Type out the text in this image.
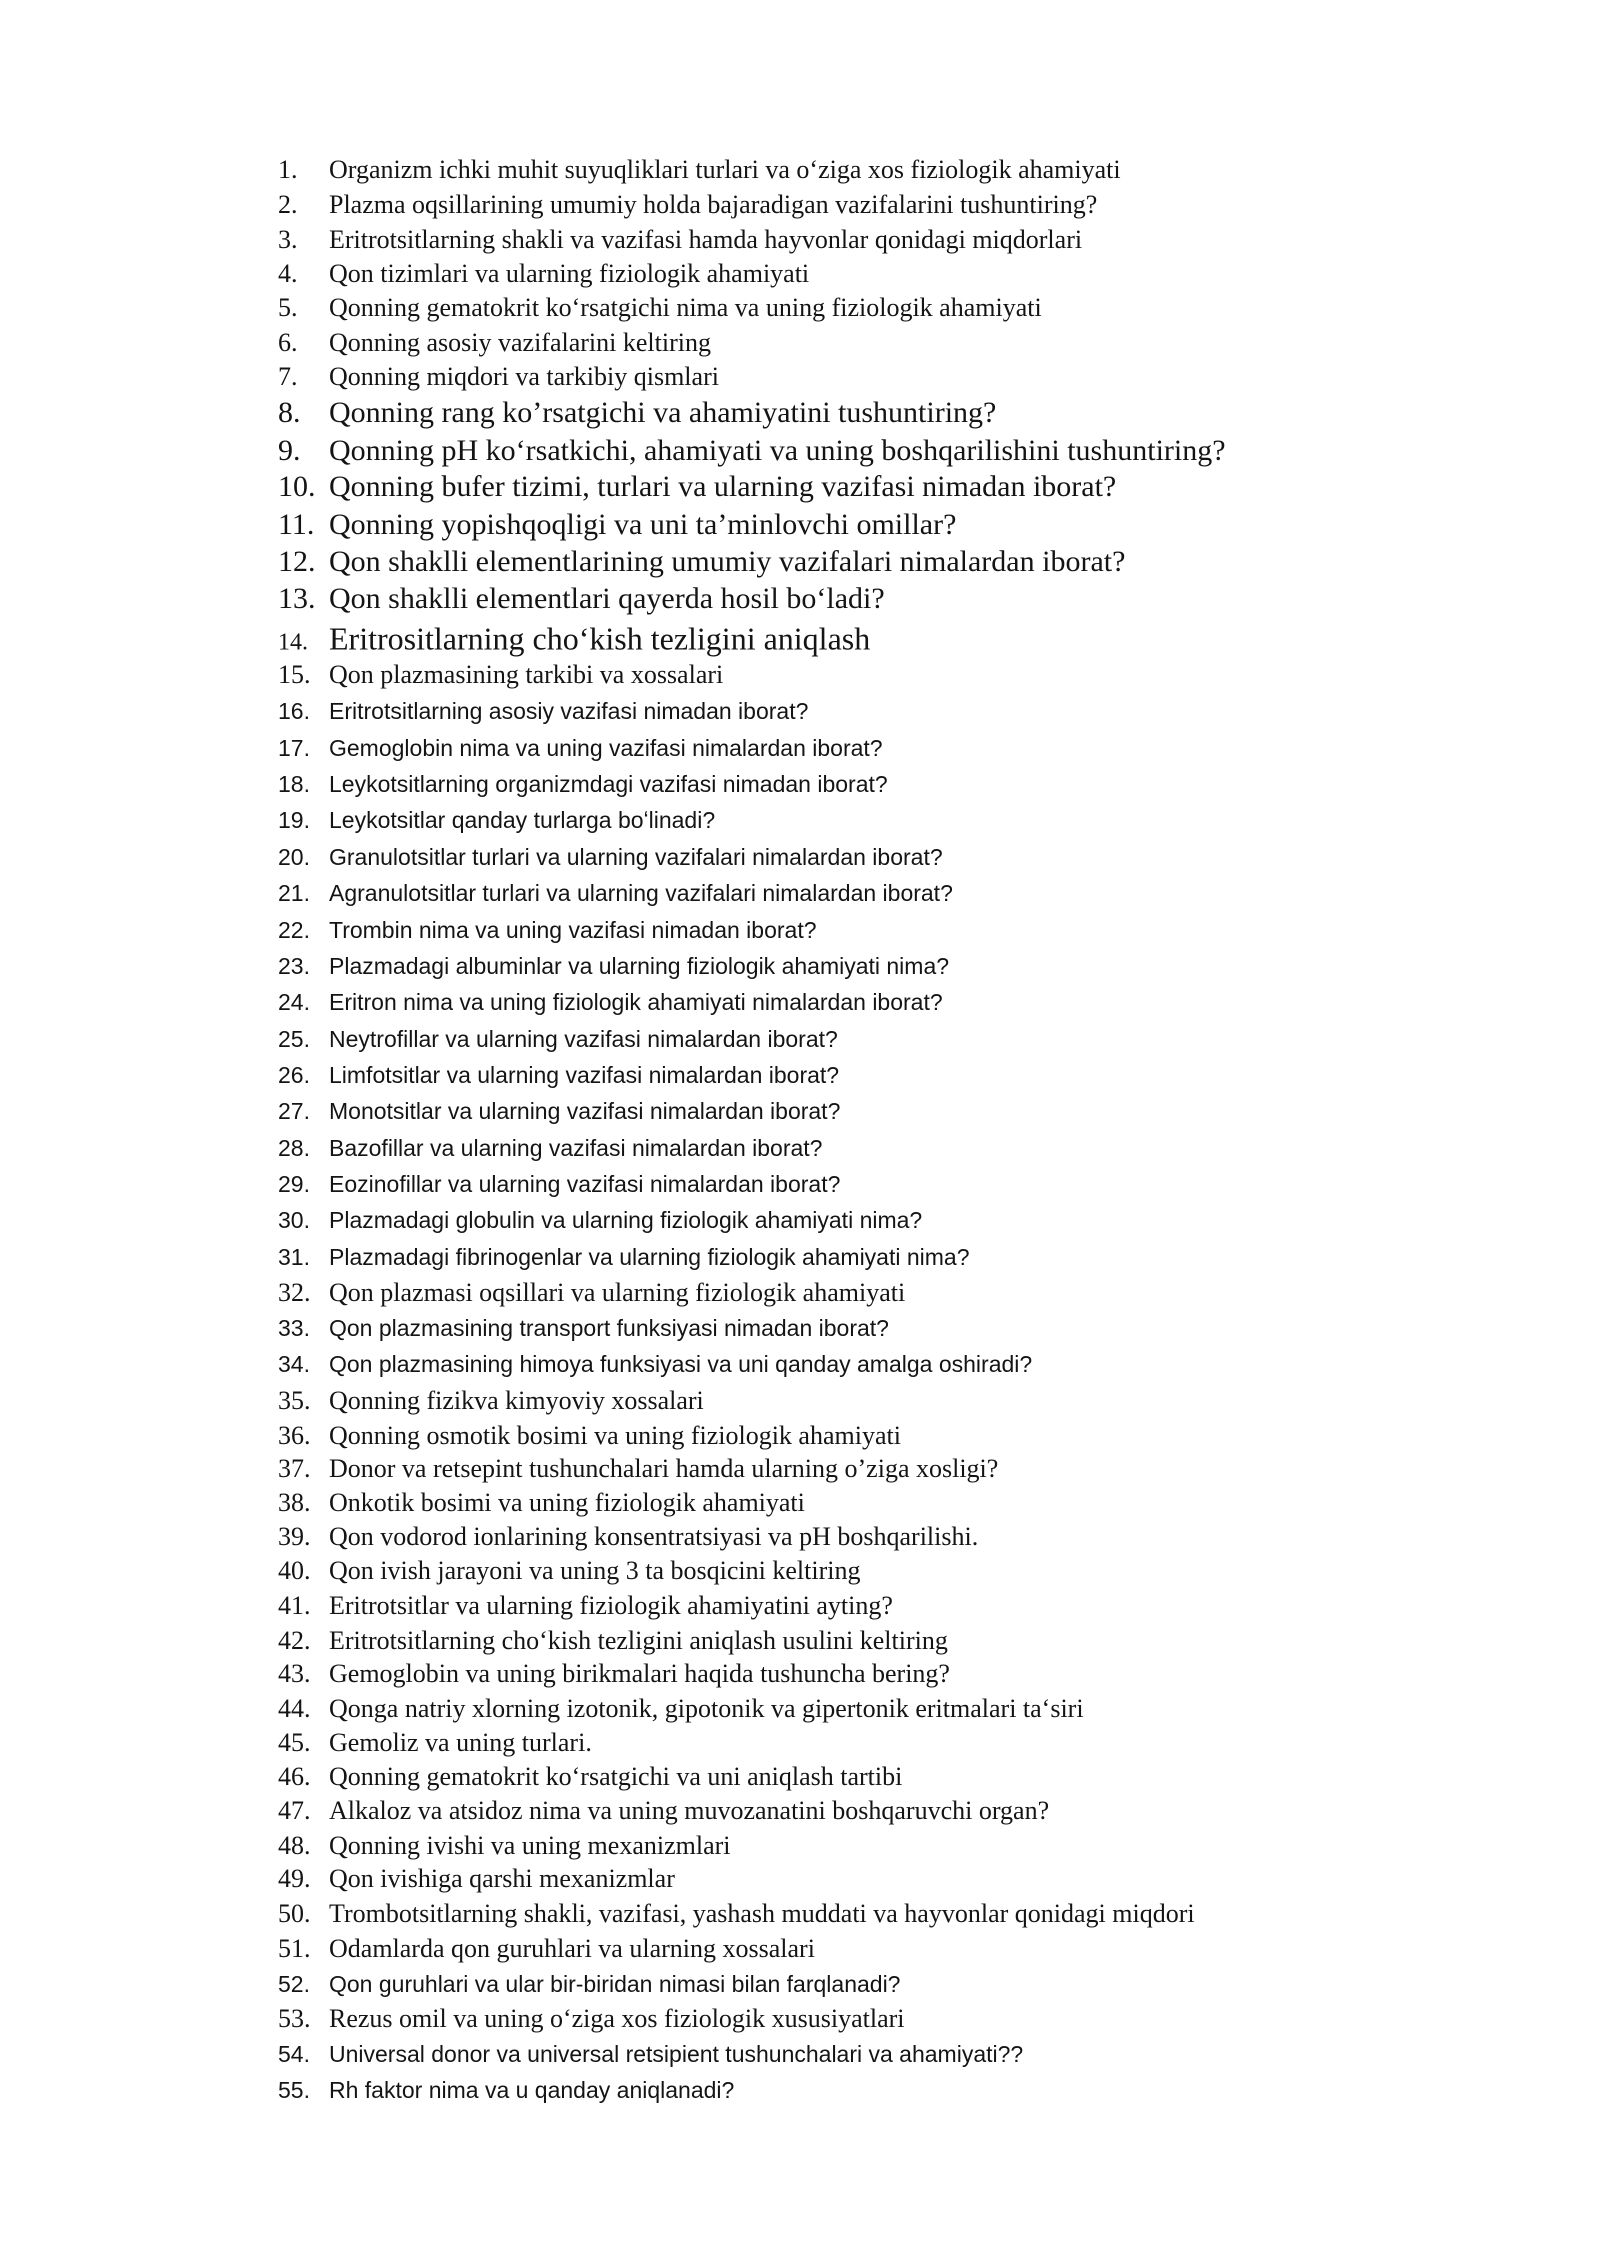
1. Organizm ichki muhit suyuqliklari turlari va oʻziga xos fiziologik ahamiyati
2. Plazma oqsillarining umumiy holda bajaradigan vazifalarini tushuntiring?
3. Eritrotsitlarning shakli va vazifasi hamda hayvonlar qonidagi miqdorlari
4. Qon tizimlari va ularning fiziologik ahamiyati
5. Qonning gematokrit koʻrsatgichi nima va uning fiziologik ahamiyati
6. Qonning asosiy vazifalarini keltiring
7. Qonning miqdori va tarkibiy qismlari
8. Qonning rang ko’rsatgichi va ahamiyatini tushuntiring?
9. Qonning pH koʻrsatkichi, ahamiyati va uning boshqarilishini tushuntiring?
10. Qonning bufer tizimi, turlari va ularning vazifasi nimadan iborat?
11. Qonning yopishqoqligi va uni ta’minlovchi omillar?
12. Qon shaklli elementlarining umumiy vazifalari nimalardan iborat?
13. Qon shaklli elementlari qayerda hosil boʻladi?
14. Eritrositlarning choʻkish tezligini aniqlash
15. Qon plazmasining tarkibi va xossalari
16. Eritrotsitlarning asosiy vazifasi nimadan iborat?
17. Gemoglobin nima va uning vazifasi nimalardan iborat?
18. Leykotsitlarning organizmdagi vazifasi nimadan iborat?
19. Leykotsitlar qanday turlarga boʻlinadi?
20. Granulotsitlar turlari va ularning vazifalari nimalardan iborat?
21. Agranulotsitlar turlari va ularning vazifalari nimalardan iborat?
22. Trombin nima va uning vazifasi nimadan iborat?
23. Plazmadagi albuminlar va ularning fiziologik ahamiyati nima?
24. Eritron nima va uning fiziologik ahamiyati nimalardan iborat?
25. Neytrofillar va ularning vazifasi nimalardan iborat?
26. Limfotsitlar va ularning vazifasi nimalardan iborat?
27. Monotsitlar va ularning vazifasi nimalardan iborat?
28. Bazofillar va ularning vazifasi nimalardan iborat?
29. Eozinofillar va ularning vazifasi nimalardan iborat?
30. Plazmadagi globulin va ularning fiziologik ahamiyati nima?
31. Plazmadagi fibrinogenlar va ularning fiziologik ahamiyati nima?
32. Qon plazmasi oqsillari va ularning fiziologik ahamiyati
33. Qon plazmasining transport funksiyasi nimadan iborat?
34. Qon plazmasining himoya funksiyasi va uni qanday amalga oshiradi?
35. Qonning fizikva kimyoviy xossalari
36. Qonning osmotik bosimi va uning fiziologik ahamiyati
37. Donor va retsepint tushunchalari hamda ularning o’ziga xosligi?
38. Onkotik bosimi va uning fiziologik ahamiyati
39. Qon vodorod ionlarining konsentratsiyasi va pH boshqarilishi.
40. Qon ivish jarayoni va uning 3 ta bosqicini keltiring
41. Eritrotsitlar va ularning fiziologik ahamiyatini ayting?
42. Eritrotsitlarning choʻkish tezligini aniqlash usulini keltiring
43. Gemoglobin va uning birikmalari haqida tushuncha bering?
44. Qonga natriy xlorning izotonik, gipotonik va gipertonik eritmalari taʻsiri
45. Gemoliz va uning turlari.
46. Qonning gematokrit koʻrsatgichi va uni aniqlash tartibi
47. Alkaloz va atsidoz nima va uning muvozanatini boshqaruvchi organ?
48. Qonning ivishi va uning mexanizmlari
49. Qon ivishiga qarshi mexanizmlar
50. Trombotsitlarning shakli, vazifasi, yashash muddati va hayvonlar qonidagi miqdori
51. Odamlarda qon guruhlari va ularning xossalari
52. Qon guruhlari va ular bir-biridan nimasi bilan farqlanadi?
53. Rezus omil va uning oʻziga xos fiziologik xususiyatlari
54. Universal donor va universal retsipient tushunchalari va ahamiyati??
55. Rh faktor nima va u qanday aniqlanadi?
